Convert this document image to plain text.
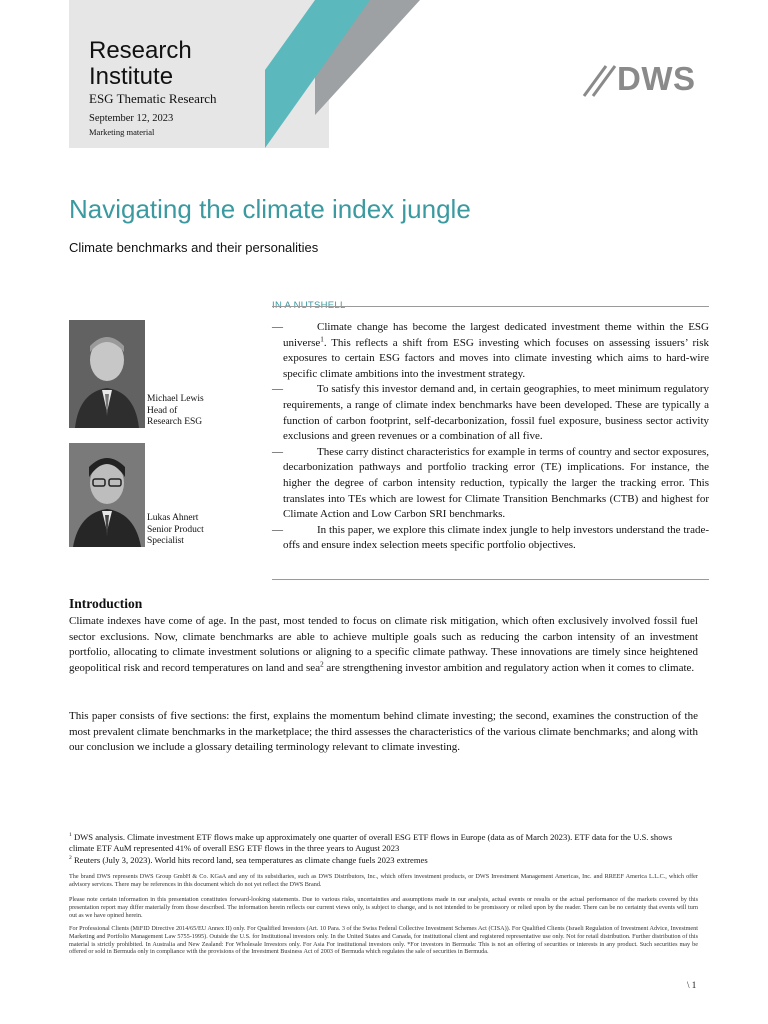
Research
Institute
ESG Thematic Research
September 12, 2023
Marketing material
DWS
Navigating the climate index jungle
Climate benchmarks and their personalities
Michael Lewis
Head of
Research ESG
Lukas Ahnert
Senior Product
Specialist
—	Climate change has become the largest dedicated investment theme within the ESG universe$^1$. This reflects a shift from ESG investing which focuses on assessing issuers’ risk exposures to certain ESG factors and moves into climate investing which aims to hard-wire specific climate ambitions into the investment strategy.
—	To satisfy this investor demand and, in certain geographies, to meet minimum regulatory requirements, a range of climate index benchmarks have been developed. These are typically a function of carbon footprint, self-decarbonization, fossil fuel exposure, business sector activity exclusions and green revenues or a combination of all five.
—	These carry distinct characteristics for example in terms of country and sector exposures, decarbonization pathways and portfolio tracking error (TE) implications. For instance, the higher the degree of carbon intensity reduction, typically the larger the tracking error. This translates into TEs which are lowest for Climate Transition Benchmarks (CTB) and highest for Climate Action and Low Carbon SRI benchmarks.
—	In this paper, we explore this climate index jungle to help investors understand the trade-offs and ensure index selection meets specific portfolio objectives.
Introduction

Climate indexes have come of age. In the past, most tended to focus on climate risk mitigation, which often exclusively involved fossil fuel sector exclusions. Now, climate benchmarks are able to achieve multiple goals such as reducing the carbon intensity of an investment portfolio, allocating to climate investment solutions or aligning to a specific climate pathway. These innovations are timely since heightened geopolitical risk and record temperatures on land and sea$^2$ are strengthening investor ambition and regulatory action when it comes to climate.

This paper consists of five sections: the first, explains the momentum behind climate investing; the second, examines the construction of the most prevalent climate benchmarks in the marketplace; the third assesses the characteristics of the various climate benchmarks; and along with our conclusion we include a glossary detailing terminology relevant to climate investing.

$^1$ DWS analysis. Climate investment ETF flows make up approximately one quarter of overall ESG ETF flows in Europe (data as of March 2023). ETF data for the U.S. shows climate ETF AuM represented 41% of overall ESG ETF flows in the three years to August 2023
$^2$ Reuters (July 3, 2023). World hits record land, sea temperatures as climate change fuels 2023 extremes

The brand DWS represents DWS Group GmbH & Co. KGaA and any of its subsidiaries, such as DWS Distributors, Inc., which offers investment products, or DWS Investment Management Americas, Inc. and RREEF America L.L.C., which offer advisory services. There may be references in this document which do not yet reflect the DWS Brand.

Please note certain information in this presentation constitutes forward-looking statements. Due to various risks, uncertainties and assumptions made in our analysis, actual events or results or the actual performance of the markets covered by this presentation report may differ materially from those described. The information herein reflects our current views only, is subject to change, and is not intended to be promissory or relied upon by the reader. There can be no certainty that events will turn out as we have opined herein.

For Professional Clients (MiFID Directive 2014/65/EU Annex II) only. For Qualified Investors (Art. 10 Para. 3 of the Swiss Federal Collective Investment Schemes Act (CISA)). For Qualified Clients (Israeli Regulation of Investment Advice, Investment Marketing and Portfolio Management Law 5755-1995). Outside the U.S. for Institutional investors only. In the United States and Canada, for institutional client and registered representative use only. Not for retail distribution. Further distribution of this material is strictly prohibited. In Australia and New Zealand: For Wholesale Investors only. For Asia For institutional investors only. *For investors in Bermuda: This is not an offering of securities or interests in any product. Such securities may be offered or sold in Bermuda only in compliance with the provisions of the Investment Business Act of 2003 of Bermuda which regulates the sale of securities in Bermuda.

\ 1
